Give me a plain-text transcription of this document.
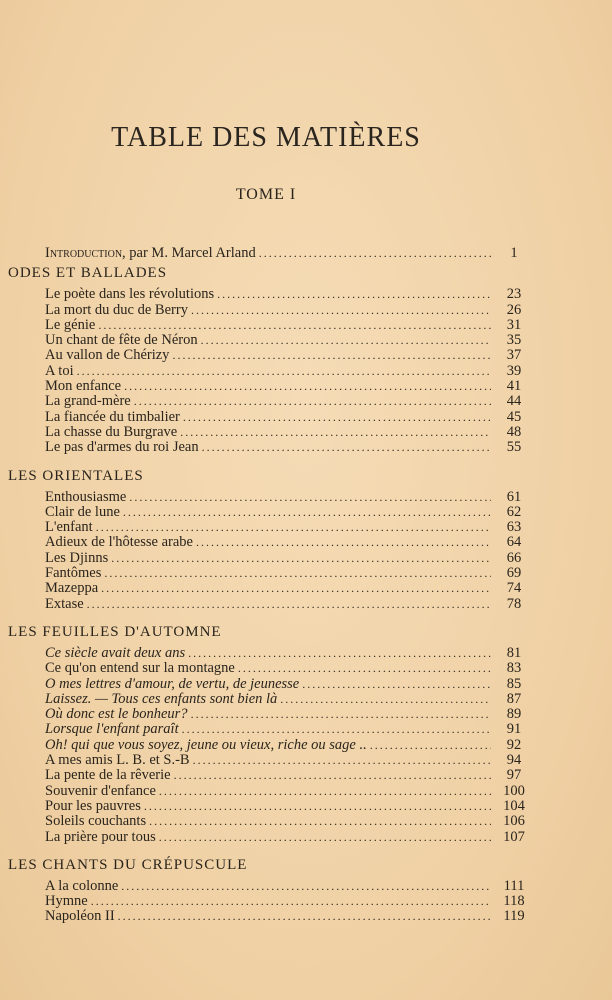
TABLE DES MATIÈRES
TOME I
Introduction, par M. Marcel Arland .....	1
ODES ET BALLADES
Le poète dans les révolutions .....	23
La mort du duc de Berry .....	26
Le génie .....	31
Un chant de fête de Néron .....	35
Au vallon de Chérizy .....	37
A toi .....	39
Mon enfance .....	41
La grand-mère .....	44
La fiancée du timbalier .....	45
La chasse du Burgrave .....	48
Le pas d'armes du roi Jean .....	55
LES ORIENTALES
Enthousiasme .....	61
Clair de lune .....	62
L'enfant .....	63
Adieux de l'hôtesse arabe .....	64
Les Djinns .....	66
Fantômes .....	69
Mazeppa .....	74
Extase .....	78
LES FEUILLES D'AUTOMNE
Ce siècle avait deux ans .....	81
Ce qu'on entend sur la montagne .....	83
O mes lettres d'amour, de vertu, de jeunesse .....	85
Laissez. — Tous ces enfants sont bien là .....	87
Où donc est le bonheur? .....	89
Lorsque l'enfant paraît .....	91
Oh! qui que vous soyez, jeune ou vieux, riche ou sage .. .....	92
A mes amis L. B. et S.-B .....	94
La pente de la rêverie .....	97
Souvenir d'enfance .....	100
Pour les pauvres .....	104
Soleils couchants .....	106
La prière pour tous .....	107
LES CHANTS DU CRÉPUSCULE
A la colonne .....	111
Hymne .....	118
Napoléon II .....	119
